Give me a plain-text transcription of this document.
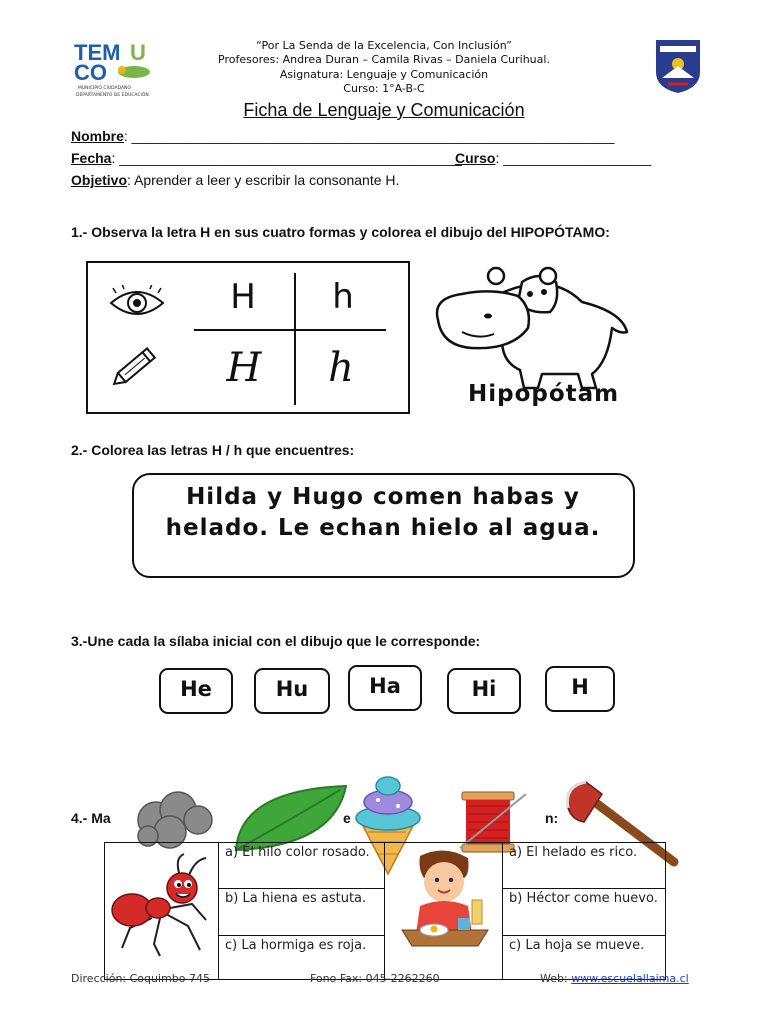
TEM U
CO
MUNICIPIO CIUDADANO
DEPARTAMENTO DE EDUCACIÓN
“Por La Senda de la Excelencia, Con Inclusión”
Profesores: Andrea Duran – Camila Rivas – Daniela Curihual.
Asignatura: Lenguaje y Comunicación
Curso: 1°A-B-C
Ficha de Lenguaje y Comunicación
Nombre: ______________________________________________________________
Fecha: ____________________________________________
Curso: ___________________
Objetivo: Aprender a leer y escribir la consonante H.
1.- Observa la letra H en sus cuatro formas y colorea el dibujo del HIPOPÓTAMO:
H	h
H	h
Hipopótam
2.- Colorea las letras H / h que encuentres:
Hilda y Hugo comen habas y helado. Le echan hielo al agua.
3.-Une cada la sílaba inicial con el dibujo que le corresponde:
He	Hu	Ha	Hi	H
4.- Ma	e	n:
a) El hilo color rosado.
b) La hiena es astuta.
c) La hormiga es roja.
a) El helado es rico.
b) Héctor come huevo.
c) La hoja se mueve.
Dirección: Coquimbo 745	Fono Fax: 045-2262260	Web: www.escuelallaima.cl
